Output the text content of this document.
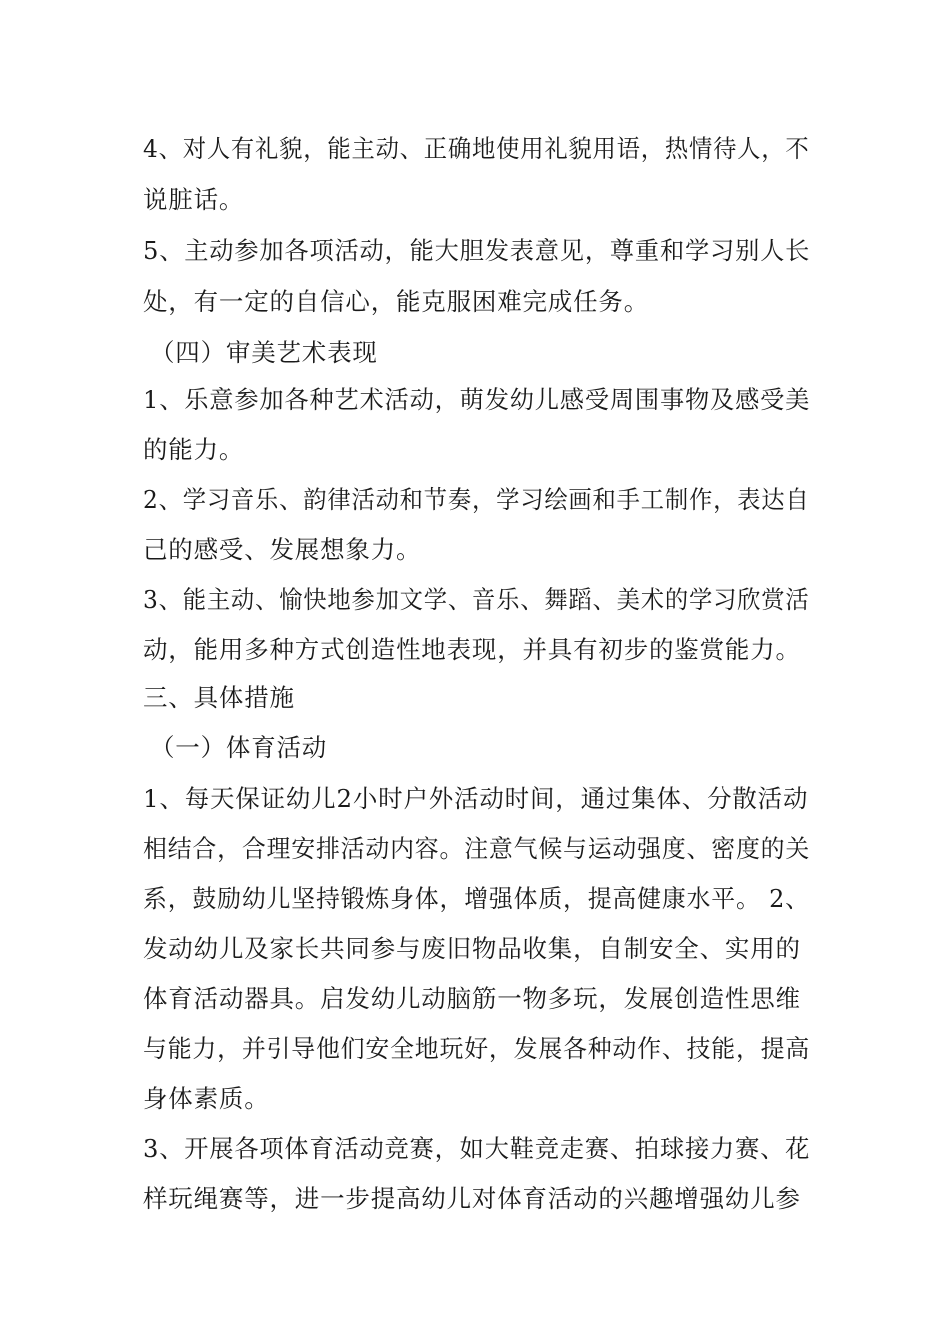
4、对人有礼貌，能主动、正确地使用礼貌用语，热情待人，不
说脏话。
5、主动参加各项活动，能大胆发表意见，尊重和学习别人长
处，有一定的自信心，能克服困难完成任务。
（四）审美艺术表现
1、乐意参加各种艺术活动，萌发幼儿感受周围事物及感受美
的能力。
2、学习音乐、韵律活动和节奏，学习绘画和手工制作，表达自
己的感受、发展想象力。
3、能主动、愉快地参加文学、音乐、舞蹈、美术的学习欣赏活
动，能用多种方式创造性地表现，并具有初步的鉴赏能力。
三、具体措施
（一）体育活动
1、每天保证幼儿2小时户外活动时间，通过集体、分散活动
相结合，合理安排活动内容。注意气候与运动强度、密度的关
系，鼓励幼儿坚持锻炼身体，增强体质，提高健康水平。 2、
发动幼儿及家长共同参与废旧物品收集，自制安全、实用的
体育活动器具。启发幼儿动脑筋一物多玩，发展创造性思维
与能力，并引导他们安全地玩好，发展各种动作、技能，提高
身体素质。
3、开展各项体育活动竞赛，如大鞋竞走赛、拍球接力赛、花
样玩绳赛等，进一步提高幼儿对体育活动的兴趣增强幼儿参
